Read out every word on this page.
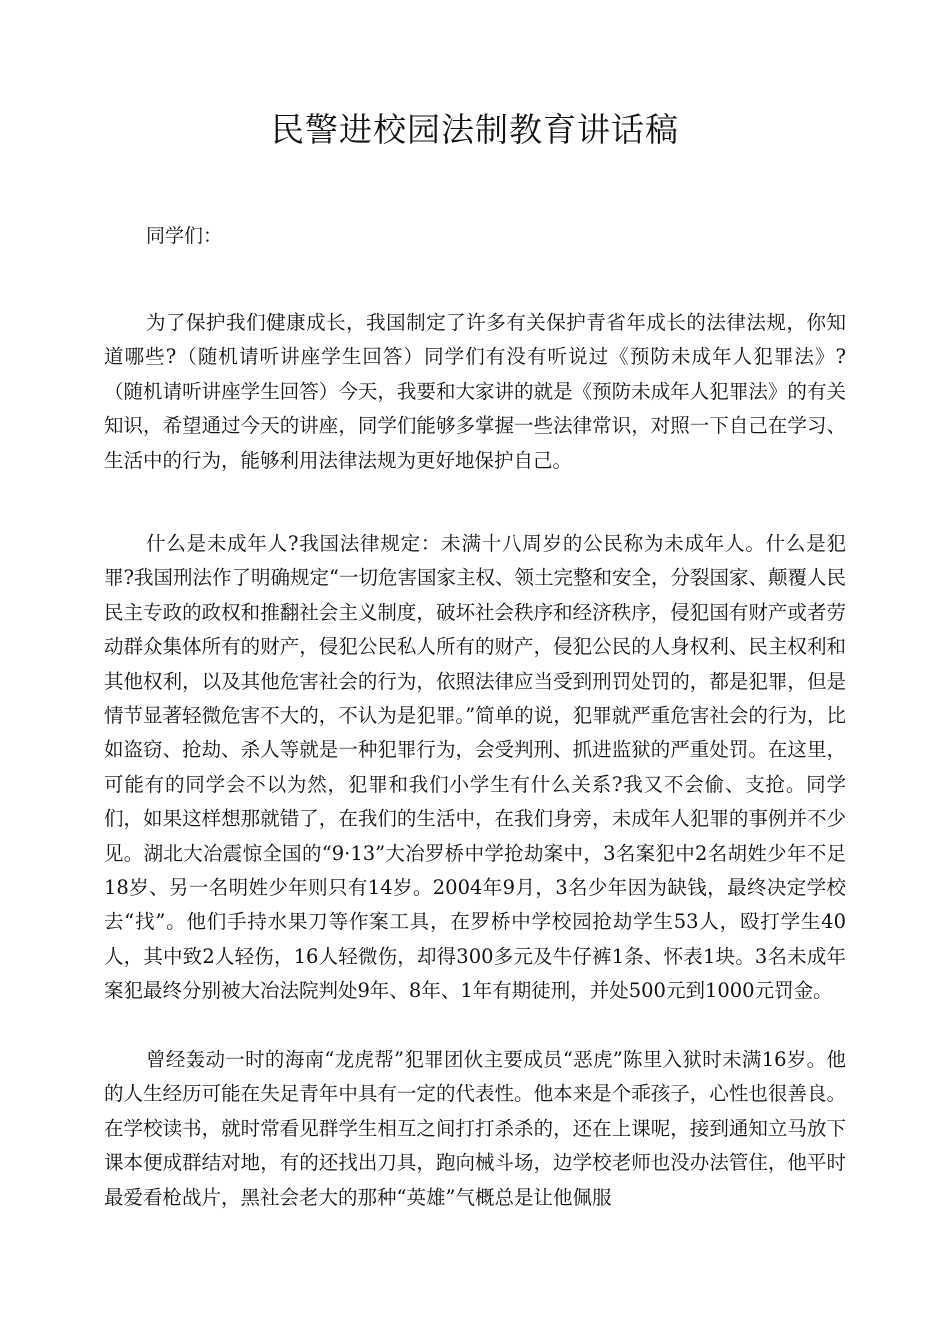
民警进校园法制教育讲话稿

同学们：

为了保护我们健康成长，我国制定了许多有关保护青省年成长的法律法规，你知道哪些?（随机请听讲座学生回答）同学们有没有听说过《预防未成年人犯罪法》?（随机请听讲座学生回答）今天，我要和大家讲的就是《预防未成年人犯罪法》的有关知识，希望通过今天的讲座，同学们能够多掌握一些法律常识，对照一下自己在学习、生活中的行为，能够利用法律法规为更好地保护自己。

什么是未成年人?我国法律规定：未满十八周岁的公民称为未成年人。什么是犯罪?我国刑法作了明确规定“一切危害国家主权、领土完整和安全，分裂国家、颠覆人民民主专政的政权和推翻社会主义制度，破坏社会秩序和经济秩序，侵犯国有财产或者劳动群众集体所有的财产，侵犯公民私人所有的财产，侵犯公民的人身权利、民主权利和其他权利，以及其他危害社会的行为，依照法律应当受到刑罚处罚的，都是犯罪，但是情节显著轻微危害不大的，不认为是犯罪。”简单的说，犯罪就严重危害社会的行为，比如盗窃、抢劫、杀人等就是一种犯罪行为，会受判刑、抓进监狱的严重处罚。在这里，可能有的同学会不以为然，犯罪和我们小学生有什么关系?我又不会偷、支抢。同学们，如果这样想那就错了，在我们的生活中，在我们身旁，未成年人犯罪的事例并不少见。湖北大冶震惊全国的“9·13”大冶罗桥中学抢劫案中，3名案犯中2名胡姓少年不足18岁、另一名明姓少年则只有14岁。2004年9月，3名少年因为缺钱，最终决定学校去“找”。他们手持水果刀等作案工具，在罗桥中学校园抢劫学生53人，殴打学生40人，其中致2人轻伤，16人轻微伤，却得300多元及牛仔裤1条、怀表1块。3名未成年案犯最终分别被大冶法院判处9年、8年、1年有期徒刑，并处500元到1000元罚金。

曾经轰动一时的海南“龙虎帮”犯罪团伙主要成员“恶虎”陈里入狱时未满16岁。他的人生经历可能在失足青年中具有一定的代表性。他本来是个乖孩子，心性也很善良。在学校读书，就时常看见群学生相互之间打打杀杀的，还在上课呢，接到通知立马放下课本便成群结对地，有的还找出刀具，跑向械斗场，边学校老师也没办法管住，他平时最爱看枪战片，黑社会老大的那种“英雄”气概总是让他佩服
